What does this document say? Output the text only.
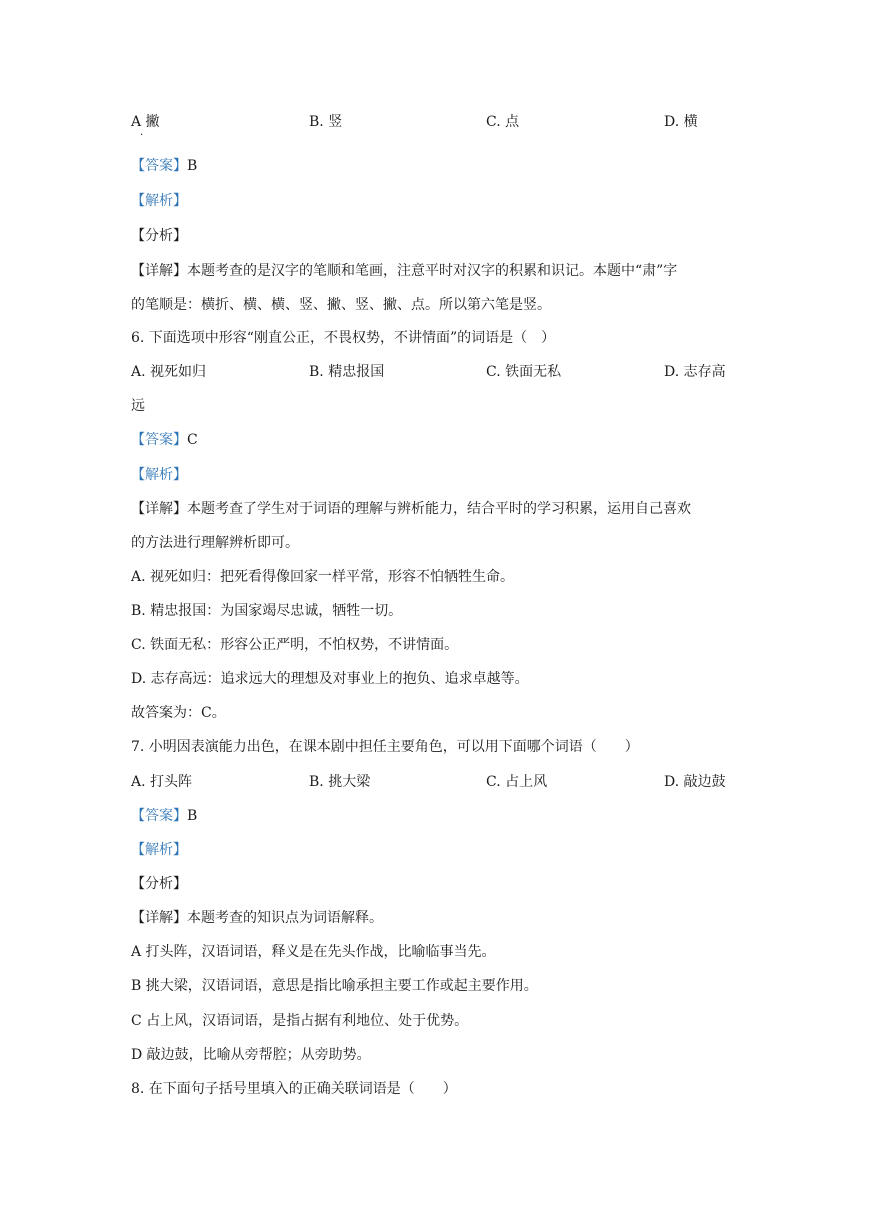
A 撇	B. 竖	C. 点	D. 横
·
【答案】B
【解析】
【分析】
【详解】本题考查的是汉字的笔顺和笔画，注意平时对汉字的积累和识记。本题中“肃”字
的笔顺是：横折、横、横、竖、撇、竖、撇、点。所以第六笔是竖。
6. 下面选项中形容“刚直公正，不畏权势，不讲情面”的词语是（　）
A. 视死如归	B. 精忠报国	C. 铁面无私	D. 志存高
远
【答案】C
【解析】
【详解】本题考查了学生对于词语的理解与辨析能力，结合平时的学习积累，运用自己喜欢
的方法进行理解辨析即可。
A. 视死如归：把死看得像回家一样平常，形容不怕牺牲生命。
B. 精忠报国：为国家竭尽忠诚，牺牲一切。
C. 铁面无私：形容公正严明，不怕权势，不讲情面。
D. 志存高远：追求远大的理想及对事业上的抱负、追求卓越等。
故答案为：C。
7. 小明因表演能力出色，在课本剧中担任主要角色，可以用下面哪个词语（　　）
A. 打头阵	B. 挑大梁	C. 占上风	D. 敲边鼓
【答案】B
【解析】
【分析】
【详解】本题考查的知识点为词语解释。
A 打头阵，汉语词语，释义是在先头作战，比喻临事当先。
B 挑大梁，汉语词语，意思是指比喻承担主要工作或起主要作用。
C 占上风，汉语词语，是指占据有利地位、处于优势。
D 敲边鼓，比喻从旁帮腔；从旁助势。
8. 在下面句子括号里填入的正确关联词语是（　　）
